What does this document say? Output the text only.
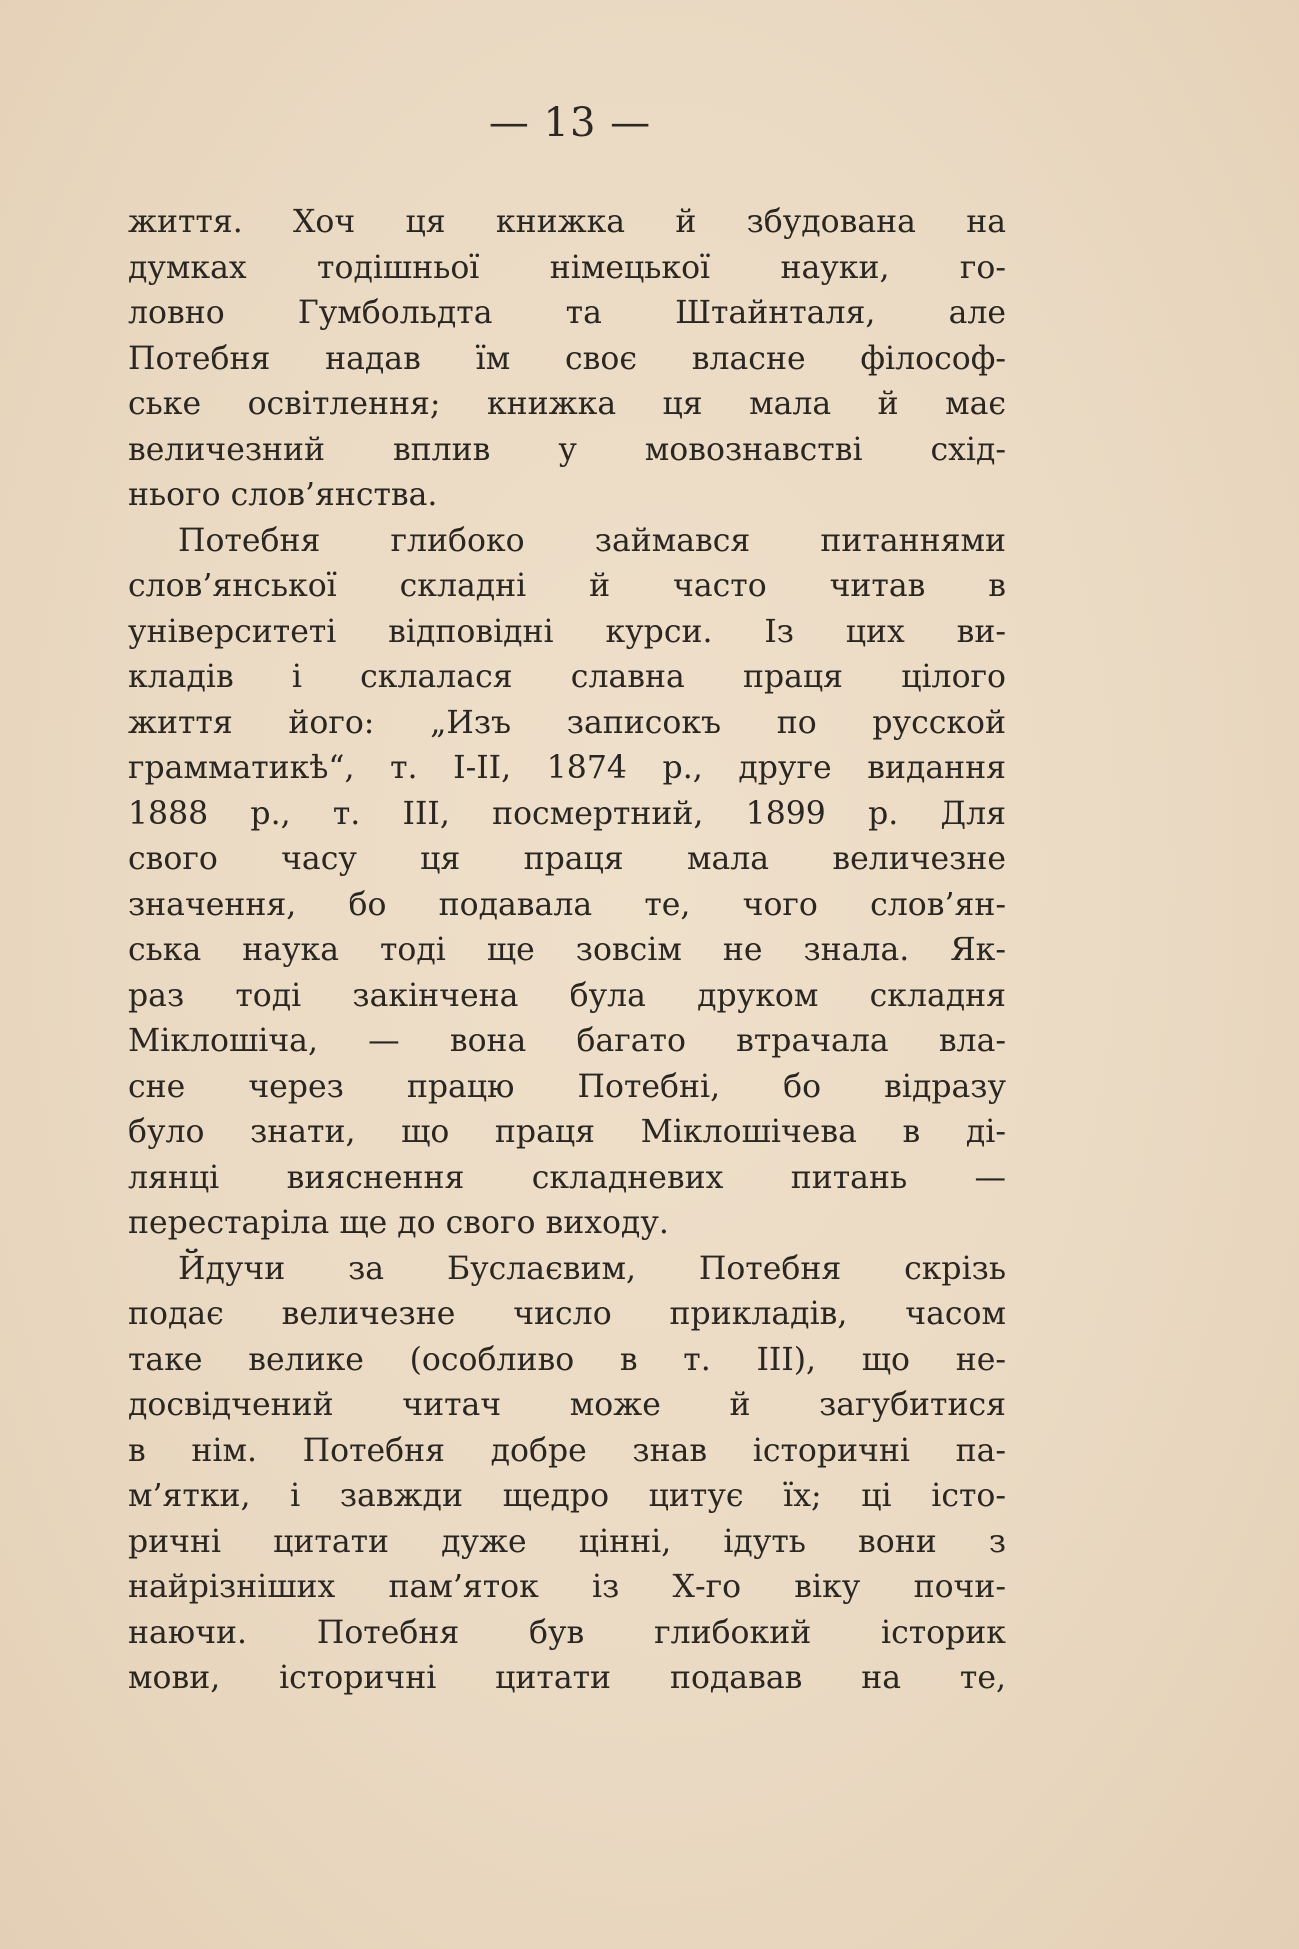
— 13 —
життя. Хоч ця книжка й збудована на
думках тодішньої німецької науки, го-
ловно Гумбольдта та Штайнталя, але
Потебня надав їм своє власне філософ-
ське освітлення; книжка ця мала й має
величезний вплив у мовознавстві схід-
нього слов’янства.
Потебня глибоко займався питаннями
слов’янської складні й часто читав в
університеті відповідні курси. Із цих ви-
кладів і склалася славна праця цілого
життя його: „Изъ записокъ по русской
грамматикѣ“, т. І-ІІ, 1874 р., друге видання
1888 р., т. ІІІ, посмертний, 1899 р. Для
свого часу ця праця мала величезне
значення, бо подавала те, чого слов’ян-
ська наука тоді ще зовсім не знала. Як-
раз тоді закінчена була друком складня
Міклошіча, — вона багато втрачала вла-
сне через працю Потебні, бо відразу
було знати, що праця Міклошічева в ді-
лянці вияснення складневих питань —
перестаріла ще до свого виходу.
Йдучи за Буслаєвим, Потебня скрізь
подає величезне число прикладів, часом
таке велике (особливо в т. ІІІ), що не-
досвідчений читач може й загубитися
в нім. Потебня добре знав історичні па-
м’ятки, і завжди щедро цитує їх; ці істо-
ричні цитати дуже цінні, ідуть вони з
найрізніших пам’яток із Х-го віку почи-
наючи. Потебня був глибокий історик
мови, історичні цитати подавав на те,
